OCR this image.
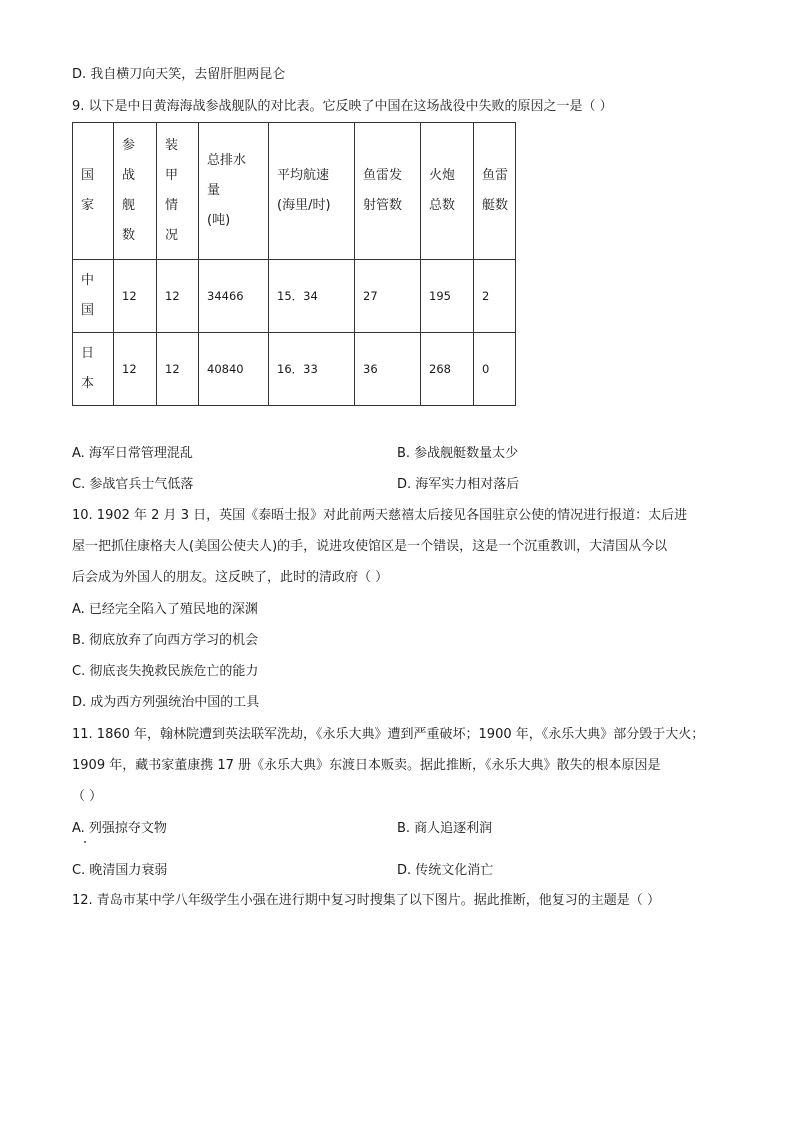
D. 我自横刀向天笑，去留肝胆两昆仑
9. 以下是中日黄海海战参战舰队的对比表。它反映了中国在这场战役中失败的原因之一是（ ）
国
家	参
战
舰
数	装
甲
情
况	总排水
量
(吨)	平均航速
(海里/时)	鱼雷发
射管数	火炮
总数	鱼雷
艇数

中
国	12	12	34466	15．34	27	195	2

日
本	12	12	40840	16．33	36	268	0
A. 海军日常管理混乱	B. 参战舰艇数量太少
C. 参战官兵士气低落	D. 海军实力相对落后
10. 1902 年 2 月 3 日，英国《泰晤士报》对此前两天慈禧太后接见各国驻京公使的情况进行报道：太后进
屋一把抓住康格夫人(美国公使夫人)的手，说进攻使馆区是一个错误，这是一个沉重教训，大清国从今以
后会成为外国人的朋友。这反映了，此时的清政府（ ）
A. 已经完全陷入了殖民地的深渊
B. 彻底放弃了向西方学习的机会
C. 彻底丧失挽救民族危亡的能力
D. 成为西方列强统治中国的工具
11. 1860 年，翰林院遭到英法联军洗劫，《永乐大典》遭到严重破坏；1900 年，《永乐大典》部分毁于大火；
1909 年，藏书家董康携 17 册《永乐大典》东渡日本贩卖。据此推断，《永乐大典》散失的根本原因是
（ ）
A. 列强掠夺文物	B. 商人追逐利润
C. 晚清国力衰弱	D. 传统文化消亡
12. 青岛市某中学八年级学生小强在进行期中复习时搜集了以下图片。据此推断，他复习的主题是（ ）
